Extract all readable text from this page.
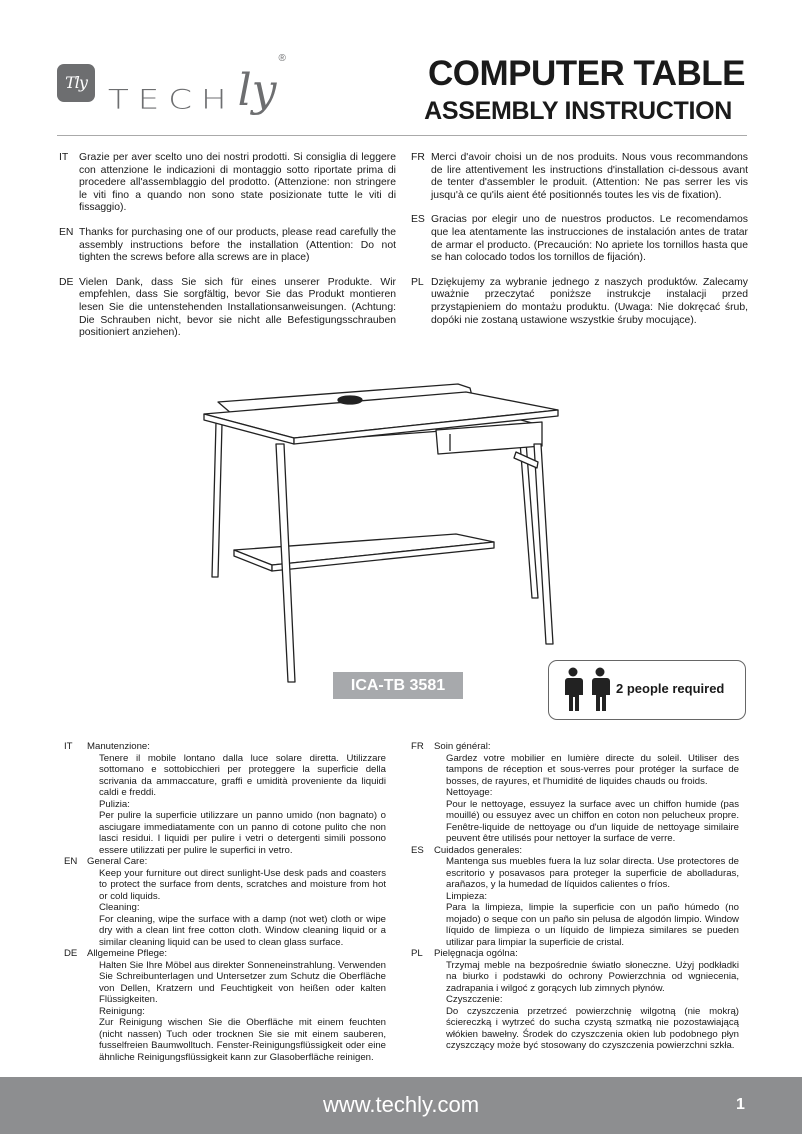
Tly
TECH ly
®	COMPUTER TABLE
ASSEMBLY INSTRUCTION
IT	Grazie per aver scelto uno dei nostri prodotti. Si consiglia di leggere con attenzione le indicazioni di montaggio sotto riportate prima di procedere all'assemblaggio del prodotto. (Attenzione: non stringere le viti fino a quando non sono state posizionate tutte le viti di fissaggio).
EN Thanks for purchasing one of our products, please read carefully the assembly instructions before the installation (Attention: Do not tighten the screws before alla screws are in place)
DE Vielen Dank, dass Sie sich für eines unserer Produkte. Wir empfehlen, dass Sie sorgfältig, bevor Sie das Produkt montieren lesen Sie die untenstehenden Installationsanweisungen. (Achtung: Die Schrauben nicht, bevor sie nicht alle Befestigungsschrauben positioniert anziehen).
FR Merci d'avoir choisi un de nos produits. Nous vous recommandons de lire attentivement les instructions d'installation ci-dessous avant de tenter d'assembler le produit. (Attention: Ne pas serrer les vis jusqu'à ce qu'ils aient été positionnés toutes les vis de fixation).
ES Gracias por elegir uno de nuestros productos. Le recomendamos que lea atentamente las instrucciones de instalación antes de tratar de armar el producto. (Precaución: No apriete los tornillos hasta que se han colocado todos los tornillos de fijación).
PL Dziękujemy za wybranie jednego z naszych produktów. Zalecamy uważnie przeczytać poniższe instrukcje instalacji przed przystąpieniem do montażu produktu. (Uwaga: Nie dokręcać śrub, dopóki nie zostaną ustawione wszystkie śruby mocujące).
ICA-TB 3581	2 people required
IT	Manutenzione:
Tenere il mobile lontano dalla luce solare diretta. Utilizzare sottomano e sottobicchieri per proteggere la superficie della scrivania da ammaccature, graffi e umidità proveniente da liquidi caldi e freddi.
Pulizia:
Per pulire la superficie utilizzare un panno umido (non bagnato) o asciugare immediatamente con un panno di cotone pulito che non lasci residui. I liquidi per pulire i vetri o detergenti simili possono essere utilizzati per pulire le superfici in vetro.
EN	General Care:
Keep your furniture out direct sunlight-Use desk pads and coasters to protect the surface from dents, scratches and moisture from hot or cold liquids.
Cleaning:
For cleaning, wipe the surface with a damp (not wet) cloth or wipe dry with a clean lint free cotton cloth. Window cleaning liquid or a similar cleaning liquid can be used to clean glass surface.
DE	Allgemeine Pflege:
Halten Sie Ihre Möbel aus direkter Sonneneinstrahlung. Verwenden Sie Schreibunterlagen und Untersetzer zum Schutz die Oberfläche von Dellen, Kratzern und Feuchtigkeit von heißen oder kalten Flüssigkeiten.
Reinigung:
Zur Reinigung wischen Sie die Oberfläche mit einem feuchten (nicht nassen) Tuch oder trocknen Sie sie mit einem sauberen, fusselfreien Baumwolltuch. Fenster-Reinigungsflüssigkeit oder eine ähnliche Reinigungsflüssigkeit kann zur Glasoberfläche reinigen.
FR	Soin général:
Gardez votre mobilier en lumière directe du soleil. Utiliser des tampons de réception et sous-verres pour protéger la surface de bosses, de rayures, et l'humidité de liquides chauds ou froids.
Nettoyage:
Pour le nettoyage, essuyez la surface avec un chiffon humide (pas mouillé) ou essuyez avec un chiffon en coton non pelucheux propre. Fenêtre-liquide de nettoyage ou d'un liquide de nettoyage similaire peuvent être utilisés pour nettoyer la surface de verre.
ES	Cuidados generales:
Mantenga sus muebles fuera la luz solar directa. Use protectores de escritorio y posavasos para proteger la superficie de abolladuras, arañazos, y la humedad de líquidos calientes o fríos.
Limpieza:
Para la limpieza, limpie la superficie con un paño húmedo (no mojado) o seque con un paño sin pelusa de algodón limpio. Window líquido de limpieza o un líquido de limpieza similares se pueden utilizar para limpiar la superficie de cristal.
PL	Pielęgnacja ogólna:
Trzymaj meble na bezpośrednie światło słoneczne. Użyj podkładki na biurko i podstawki do ochrony Powierzchnia od wgniecenia, zadrapania i wilgoć z gorących lub zimnych płynów.
Czyszczenie:
Do czyszczenia przetrzeć powierzchnię wilgotną (nie mokrą) ściereczką i wytrzeć do sucha czystą szmatką nie pozostawiającą włókien bawełny. Środek do czyszczenia okien lub podobnego płyn czyszczący może być stosowany do czyszczenia powierzchni szkła.
www.techly.com	1
